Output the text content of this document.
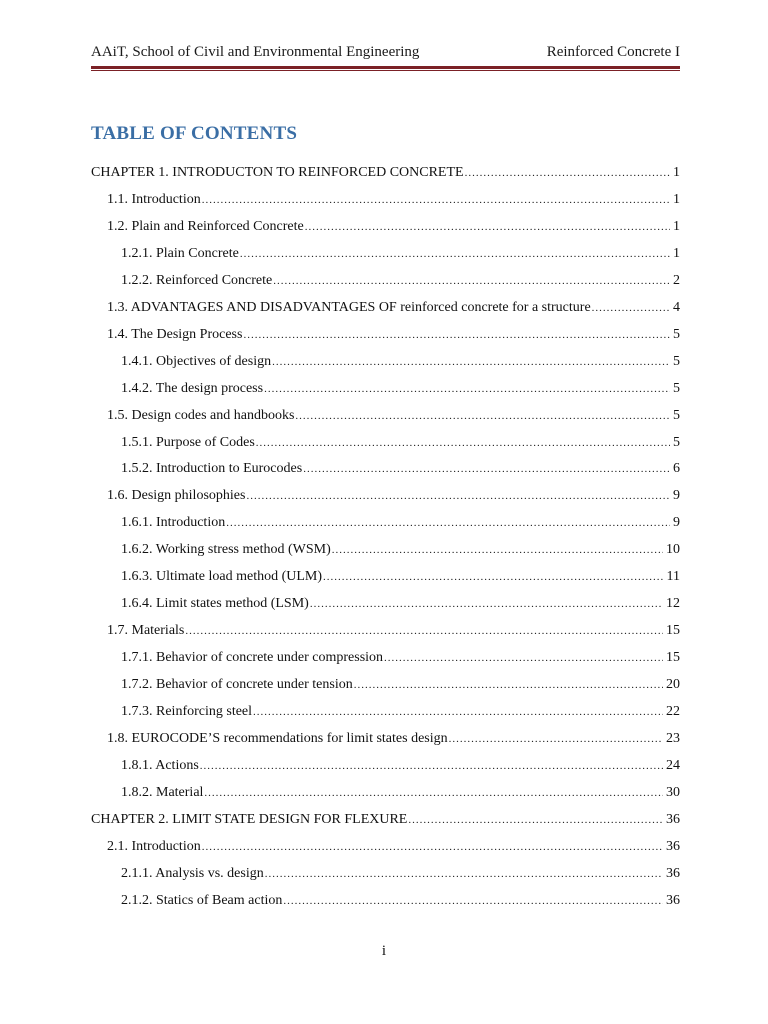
AAiT, School of Civil and Environmental Engineering	Reinforced Concrete I
TABLE OF CONTENTS
CHAPTER 1. INTRODUCTON TO REINFORCED CONCRETE .....	1
1.1. Introduction .....	1
1.2. Plain and Reinforced Concrete .....	1
1.2.1. Plain Concrete .....	1
1.2.2. Reinforced Concrete .....	2
1.3. ADVANTAGES AND DISADVANTAGES OF reinforced concrete for a structure .....	4
1.4. The Design Process .....	5
1.4.1. Objectives of design .....	5
1.4.2. The design process .....	5
1.5. Design codes and handbooks .....	5
1.5.1. Purpose of Codes .....	5
1.5.2. Introduction to Eurocodes .....	6
1.6. Design philosophies .....	9
1.6.1. Introduction .....	9
1.6.2. Working stress method (WSM) .....	10
1.6.3. Ultimate load method (ULM) .....	11
1.6.4. Limit states method (LSM) .....	12
1.7. Materials .....	15
1.7.1. Behavior of concrete under compression .....	15
1.7.2. Behavior of concrete under tension .....	20
1.7.3. Reinforcing steel .....	22
1.8. EUROCODE’S recommendations for limit states design .....	23
1.8.1. Actions .....	24
1.8.2. Material .....	30
CHAPTER 2. LIMIT STATE DESIGN FOR FLEXURE .....	36
2.1. Introduction .....	36
2.1.1. Analysis vs. design .....	36
2.1.2. Statics of Beam action .....	36
i
